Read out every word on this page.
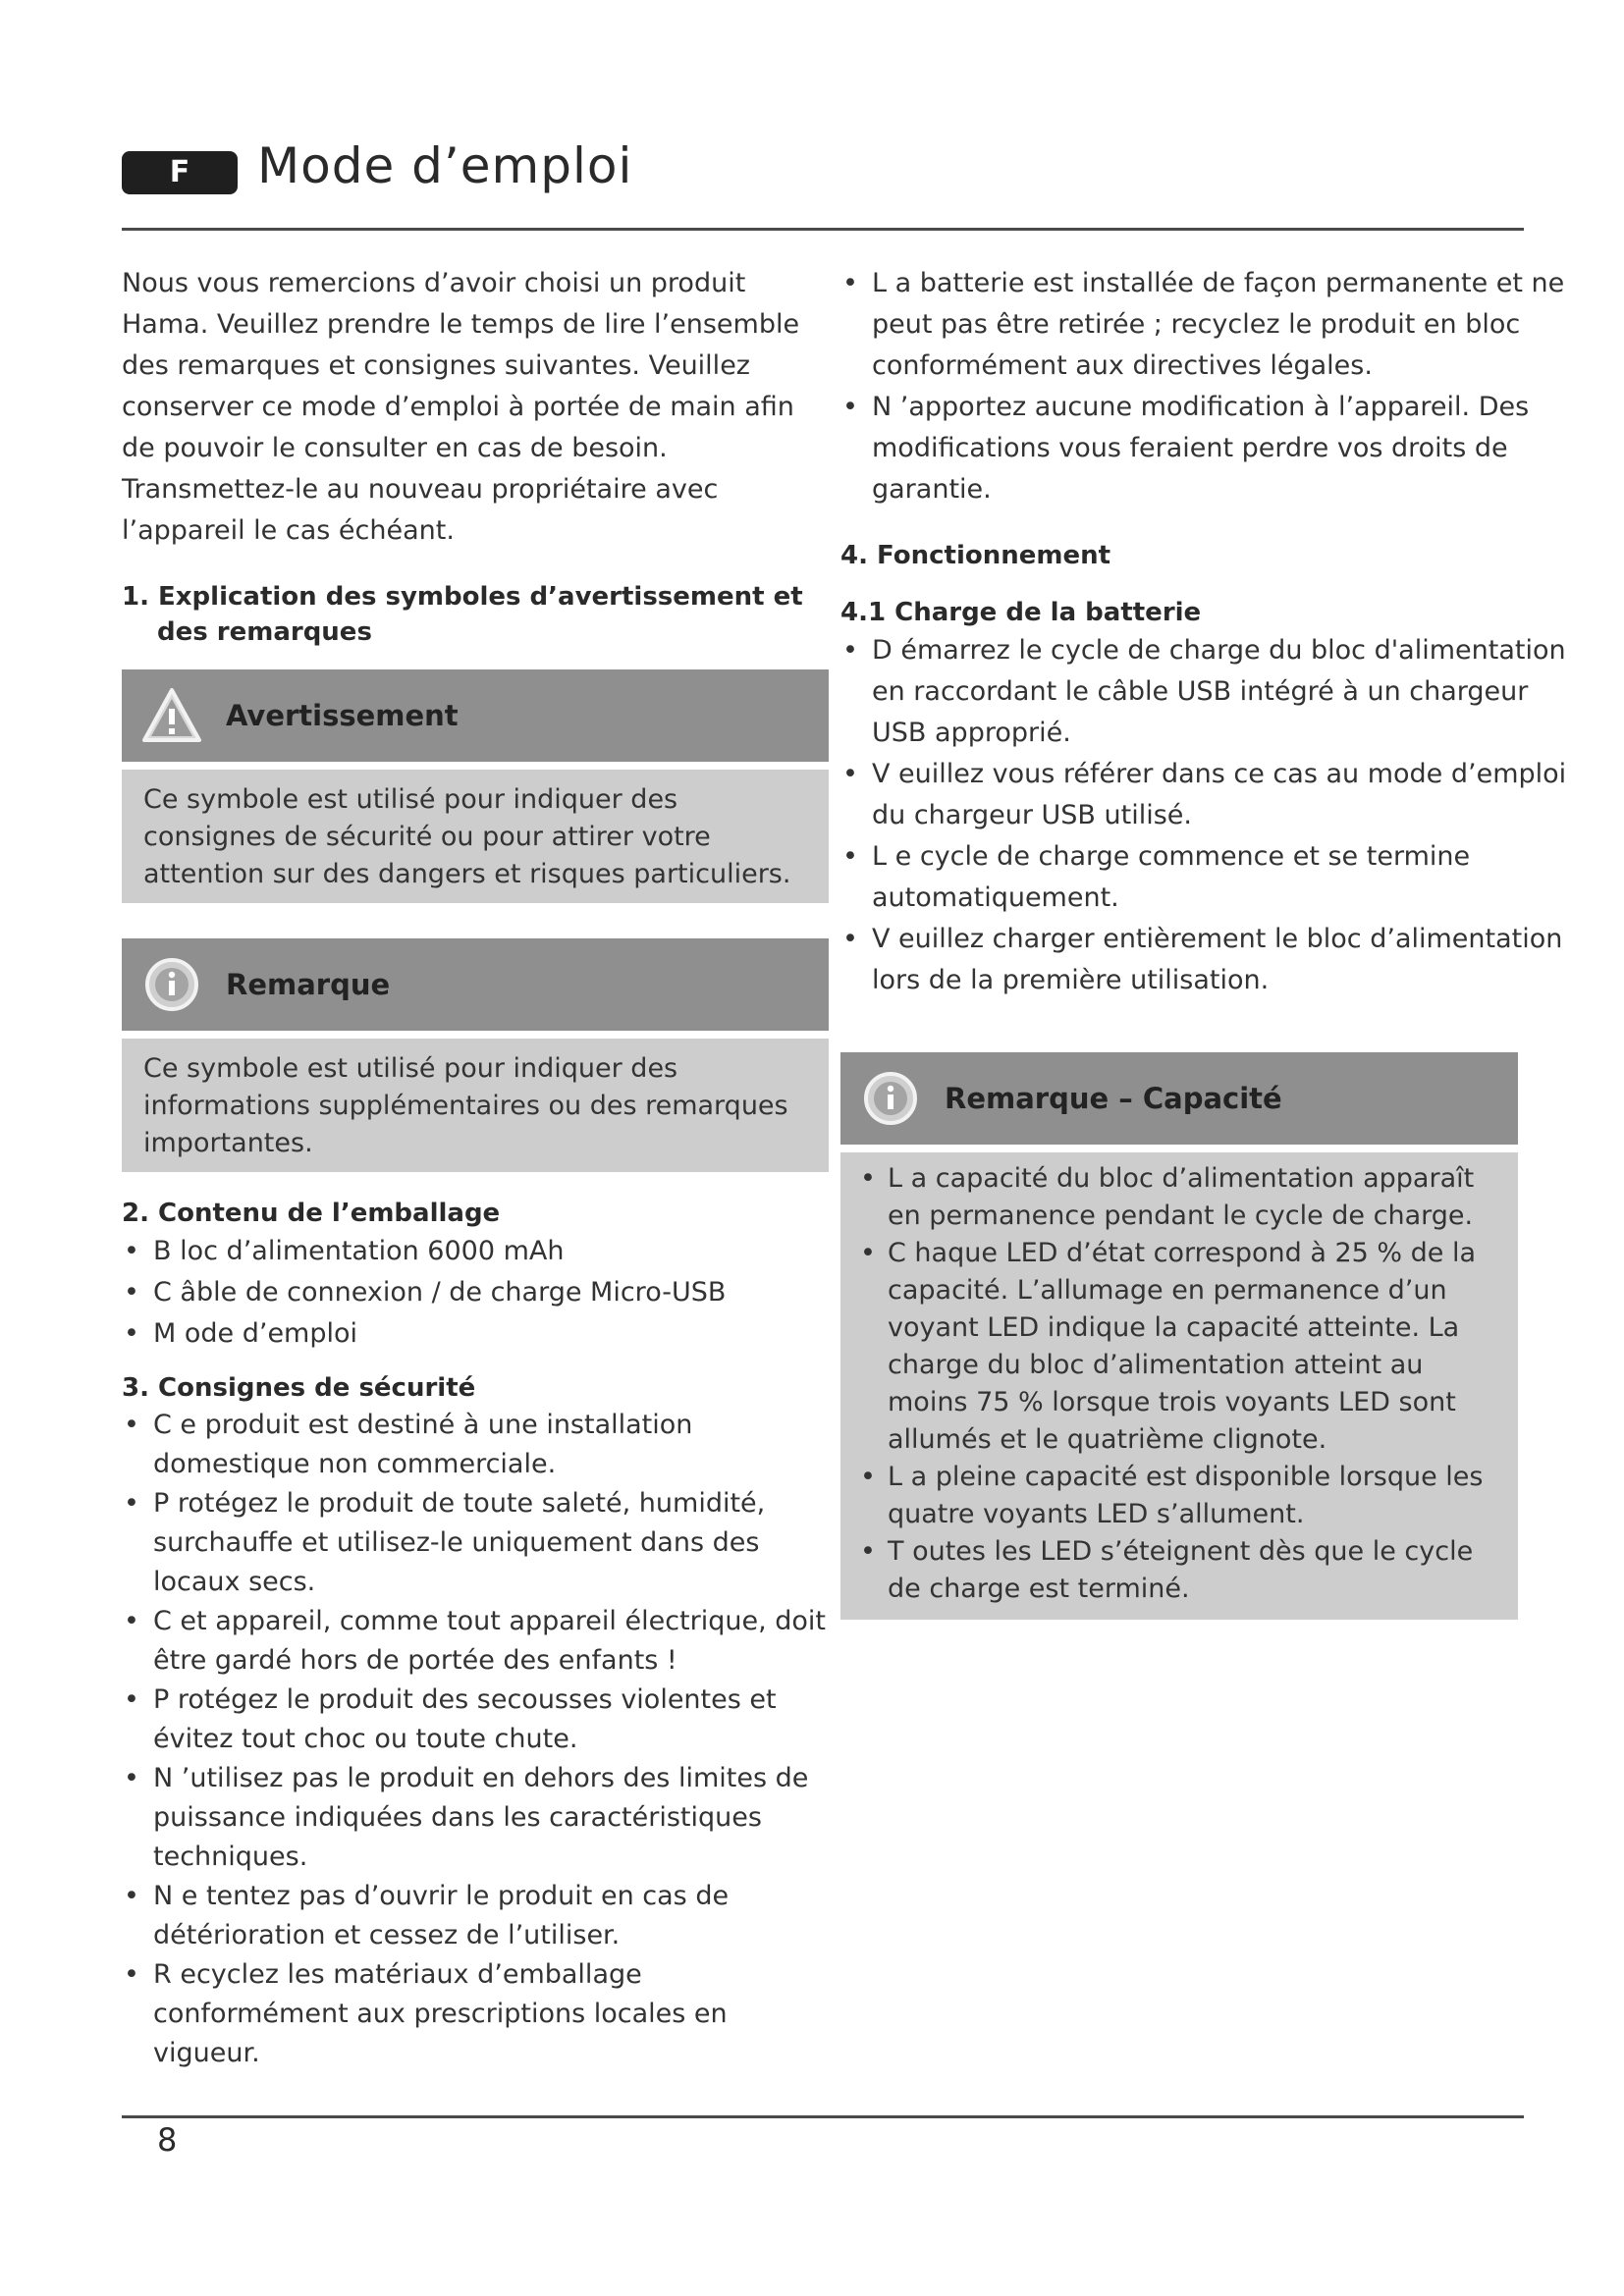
F	Mode d’emploi

Nous vous remercions d’avoir choisi un produit Hama. Veuillez prendre le temps de lire l’ensemble des remarques et consignes suivantes. Veuillez conserver ce mode d’emploi à portée de main afin de pouvoir le consulter en cas de besoin. Transmettez-le au nouveau propriétaire avec l’appareil le cas échéant.

1. Explication des symboles d’avertissement et des remarques
Avertissement
Ce symbole est utilisé pour indiquer des consignes de sécurité ou pour attirer votre attention sur des dangers et risques particuliers.
Remarque
Ce symbole est utilisé pour indiquer des informations supplémentaires ou des remarques importantes.
2. Contenu de l’emballage
• B loc d’alimentation 6000 mAh
• C âble de connexion / de charge Micro-USB
• M ode d’emploi
3. Consignes de sécurité
• C e produit est destiné à une installation domestique non commerciale.
• P rotégez le produit de toute saleté, humidité, surchauffe et utilisez-le uniquement dans des locaux secs.
• C et appareil, comme tout appareil électrique, doit être gardé hors de portée des enfants !
• P rotégez le produit des secousses violentes et évitez tout choc ou toute chute.
• N ’utilisez pas le produit en dehors des limites de puissance indiquées dans les caractéristiques techniques.
• N e tentez pas d’ouvrir le produit en cas de détérioration et cessez de l’utiliser.
• R ecyclez les matériaux d’emballage conformément aux prescriptions locales en vigueur.
• L a batterie est installée de façon permanente et ne peut pas être retirée ; recyclez le produit en bloc conformément aux directives légales.
• N ’apportez aucune modification à l’appareil. Des modifications vous feraient perdre vos droits de garantie.
4. Fonctionnement
4.1 Charge de la batterie
• D émarrez le cycle de charge du bloc d'alimentation en raccordant le câble USB intégré à un chargeur USB approprié.
• V euillez vous référer dans ce cas au mode d’emploi du chargeur USB utilisé.
• L e cycle de charge commence et se termine automatiquement.
• V euillez charger entièrement le bloc d’alimentation lors de la première utilisation.
Remarque – Capacité
• L a capacité du bloc d’alimentation apparaît en permanence pendant le cycle de charge.
• C haque LED d’état correspond à 25 % de la capacité. L’allumage en permanence d’un voyant LED indique la capacité atteinte. La charge du bloc d’alimentation atteint au moins 75 % lorsque trois voyants LED sont allumés et le quatrième clignote.
• L a pleine capacité est disponible lorsque les quatre voyants LED s’allument.
• T outes les LED s’éteignent dès que le cycle de charge est terminé.
8
